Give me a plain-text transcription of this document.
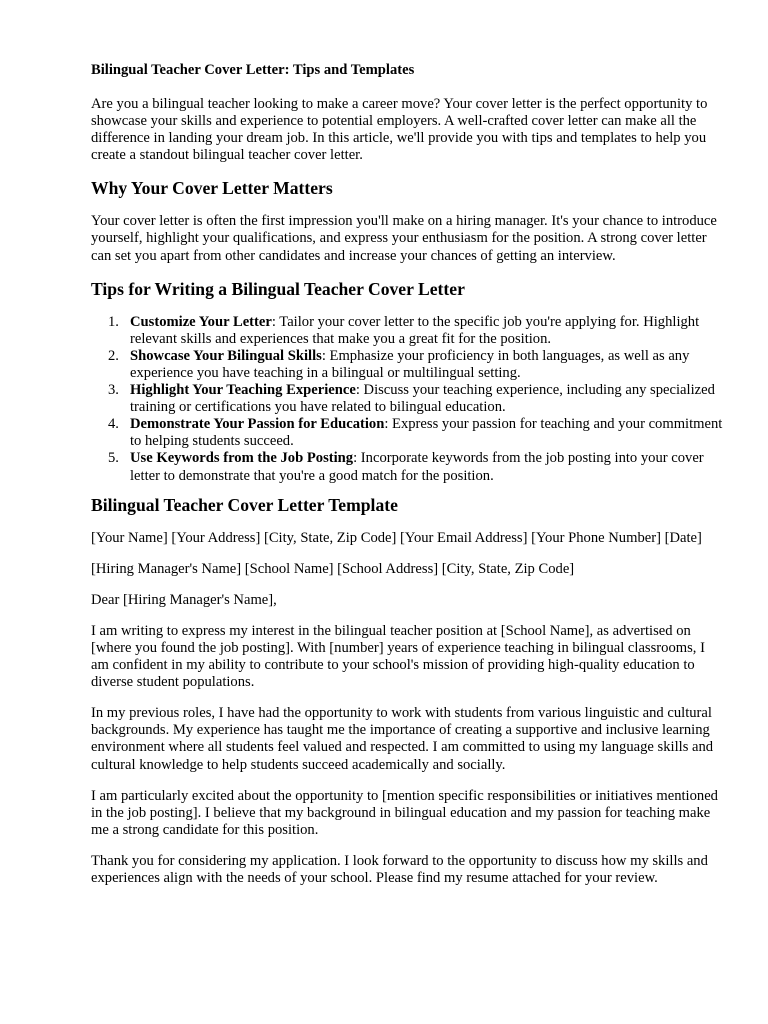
Bilingual Teacher Cover Letter: Tips and Templates

Are you a bilingual teacher looking to make a career move? Your cover letter is the perfect opportunity to showcase your skills and experience to potential employers. A well-crafted cover letter can make all the difference in landing your dream job. In this article, we'll provide you with tips and templates to help you create a standout bilingual teacher cover letter.

Why Your Cover Letter Matters

Your cover letter is often the first impression you'll make on a hiring manager. It's your chance to introduce yourself, highlight your qualifications, and express your enthusiasm for the position. A strong cover letter can set you apart from other candidates and increase your chances of getting an interview.

Tips for Writing a Bilingual Teacher Cover Letter
1. Customize Your Letter: Tailor your cover letter to the specific job you're applying for. Highlight relevant skills and experiences that make you a great fit for the position.
2. Showcase Your Bilingual Skills: Emphasize your proficiency in both languages, as well as any experience you have teaching in a bilingual or multilingual setting.
3. Highlight Your Teaching Experience: Discuss your teaching experience, including any specialized training or certifications you have related to bilingual education.
4. Demonstrate Your Passion for Education: Express your passion for teaching and your commitment to helping students succeed.
5. Use Keywords from the Job Posting: Incorporate keywords from the job posting into your cover letter to demonstrate that you're a good match for the position.
Bilingual Teacher Cover Letter Template

[Your Name] [Your Address] [City, State, Zip Code] [Your Email Address] [Your Phone Number] [Date]

[Hiring Manager's Name] [School Name] [School Address] [City, State, Zip Code]

Dear [Hiring Manager's Name],

I am writing to express my interest in the bilingual teacher position at [School Name], as advertised on [where you found the job posting]. With [number] years of experience teaching in bilingual classrooms, I am confident in my ability to contribute to your school's mission of providing high-quality education to diverse student populations.

In my previous roles, I have had the opportunity to work with students from various linguistic and cultural backgrounds. My experience has taught me the importance of creating a supportive and inclusive learning environment where all students feel valued and respected. I am committed to using my language skills and cultural knowledge to help students succeed academically and socially.

I am particularly excited about the opportunity to [mention specific responsibilities or initiatives mentioned in the job posting]. I believe that my background in bilingual education and my passion for teaching make me a strong candidate for this position.

Thank you for considering my application. I look forward to the opportunity to discuss how my skills and experiences align with the needs of your school. Please find my resume attached for your review.
